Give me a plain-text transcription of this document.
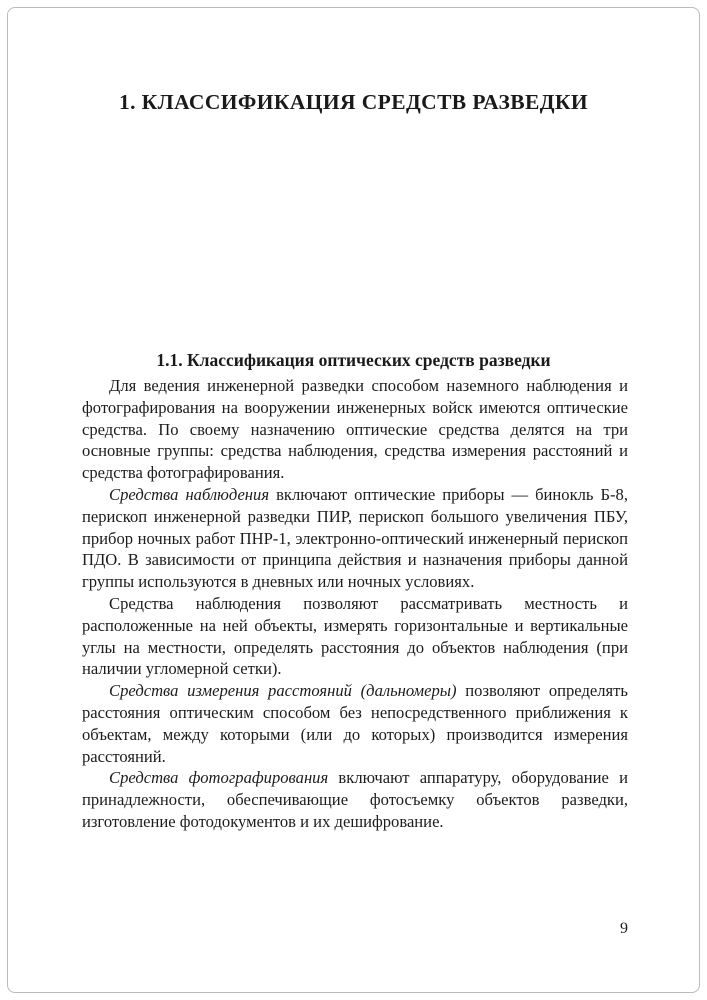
1. КЛАССИФИКАЦИЯ СРЕДСТВ РАЗВЕДКИ
1.1. Классификация оптических средств разведки

Для ведения инженерной разведки способом наземного наблюдения и фотографирования на вооружении инженерных войск имеются оптические средства. По своему назначению оптические средства делятся на три основные группы: средства наблюдения, средства измерения расстояний и средства фотографирования.

Средства наблюдения включают оптические приборы — бинокль Б-8, перископ инженерной разведки ПИР, перископ большого увеличения ПБУ, прибор ночных работ ПНР-1, электронно-оптический инженерный перископ ПДО. В зависимости от принципа действия и назначения приборы данной группы используются в дневных или ночных условиях.

Средства наблюдения позволяют рассматривать местность и расположенные на ней объекты, измерять горизонтальные и вертикальные углы на местности, определять расстояния до объектов наблюдения (при наличии угломерной сетки).

Средства измерения расстояний (дальномеры) позволяют определять расстояния оптическим способом без непосредственного приближения к объектам, между которыми (или до которых) производится измерения расстояний.

Средства фотографирования включают аппаратуру, оборудование и принадлежности, обеспечивающие фотосъемку объектов разведки, изготовление фотодокументов и их дешифрование.

9
